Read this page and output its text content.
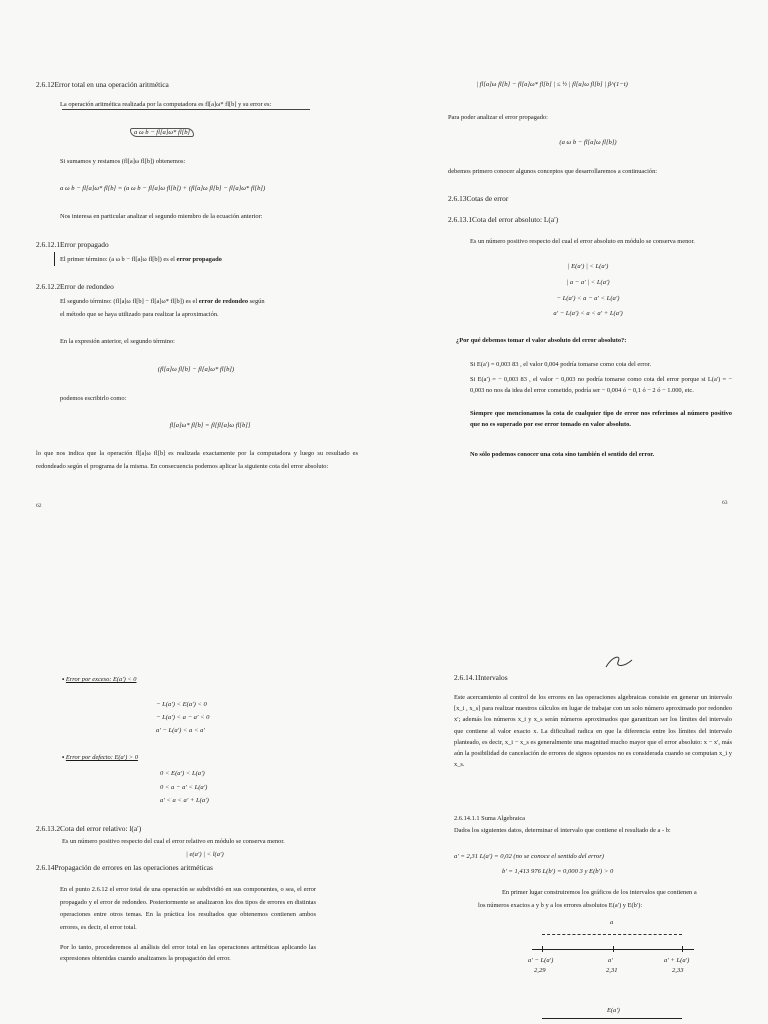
2.6.12Error total en una operación aritmética
La operación aritmética realizada por la computadora es fl[a]ω* fl[b] y su error es:
a ω b − fl[a]ω* fl[b]
Si sumamos y restamos (fl[a]ω fl[b]) obtenemos:
a ω b − fl[a]ω* fl[b] = (a ω b − fl[a]ω fl[b]) + (fl[a]ω fl[b] − fl[a]ω* fl[b])
Nos interesa en particular analizar el segundo miembro de la ecuación anterior:
2.6.12.1Error propagado
El primer término: (a ω b − fl[a]ω fl[b]) es el error propagado
2.6.12.2Error de redondeo
El segundo término: (fl[a]ω fl[b] − fl[a]ω* fl[b]) es el error de redondeo según
el método que se haya utilizado para realizar la aproximación.
En la expresión anterior, el segundo término:
(fl[a]ω fl[b] − fl[a]ω* fl[b])
podemos escribirlo como:
fl[a]ω* fl[b] = fl[fl[a]ω fl[b]]
lo que nos indica que la operación fl[a]ω fl[b] es realizada exactamente por la computadora y luego su resultado es redondeado según el programa de la misma. En consecuencia podemos aplicar la siguiente cota del error absoluto:
62
| fl[a]ω fl[b] − fl[a]ω* fl[b] | ≤ ½ | fl[a]ω fl[b] | β^(1−t)
Para poder analizar el error propagado:
(a ω b − fl[a]ω fl[b])
debemos primero conocer algunos conceptos que desarrollaremos a continuación:
2.6.13Cotas de error
2.6.13.1Cota del error absoluto: L(a′)
Es un número positivo respecto del cual el error absoluto en módulo se conserva menor.
| E(a′) | < L(a′)
| a − a′ | < L(a′)
− L(a′) < a − a′ < L(a′)
a′ − L(a′) < a < a′ + L(a′)
¿Por qué debemos tomar el valor absoluto del error absoluto?:
Si E(a′) = 0,003 83 , el valor 0,004 podría tomarse como cota del error.
Si E(a′) = − 0,003 83 , el valor − 0,003 no podría tomarse como cota del error porque si L(a′) = − 0,003 no nos da idea del error cometido, podría ser − 0,004 ó − 0,1 ó − 2 ó − 1.000, etc.
Siempre que mencionamos la cota de cualquier tipo de error nos referimos al número positivo que no es superado por ese error tomado en valor absoluto.
No sólo podemos conocer una cota sino también el sentido del error.
63
▪ Error por exceso: E(a′) < 0
− L(a′) < E(a′) < 0
− L(a′) < a − a′ < 0
a′ − L(a′) < a < a′
▪ Error por defecto: E(a′) > 0
0 < E(a′) < L(a′)
0 < a − a′ < L(a′)
a′ < a < a′ + L(a′)
2.6.13.2Cota del error relativo: l(a′)
Es un número positivo respecto del cual el error relativo en módulo se conserva menor.
| e(a′) | < l(a′)
2.6.14Propagación de errores en las operaciones aritméticas
En el punto 2.6.12 el error total de una operación se subdividió en sus componentes, o sea, el error propagado y el error de redondeo. Posteriormente se analizaron los dos tipos de errores en distintas operaciones entre otros temas. En la práctica los resultados que obtenemos contienen ambos errores, es decir, el error total.
Por lo tanto, procederemos al análisis del error total en las operaciones aritméticas aplicando las expresiones obtenidas cuando analizamos la propagación del error.
2.6.14.1Intervalos
Este acercamiento al control de los errores en las operaciones algebraicas consiste en generar un intervalo [x_i , x_s] para realizar nuestros cálculos en lugar de trabajar con un solo número aproximado por redondeo x′; además los números x_i y x_s serán números aproximados que garantizan ser los límites del intervalo que contiene al valor exacto x. La dificultad radica en que la diferencia entre los límites del intervalo planteado, es decir, x_i − x_s es generalmente una magnitud mucho mayor que el error absoluto: x − x′, más aún la posibilidad de cancelación de errores de signos opuestos no es considerada cuando se computan x_i y x_s.
2.6.14.1.1 Suma Algebraica
Dados los siguientes datos, determinar el intervalo que contiene el resultado de a - b:
a′ = 2,31 L(a′) = 0,02 (no se conoce el sentido del error)
b′ = 1,413 976 L(b′) = 0,000 3 y E(b′) > 0
En primer lugar construiremos los gráficos de los intervalos que contienen a
los números exactos a y b y a los errores absolutos E(a′) y E(b′):
a
a′ − L(a′)
2,29
a′
2,31
a′ + L(a′)
2,33
E(a′)
